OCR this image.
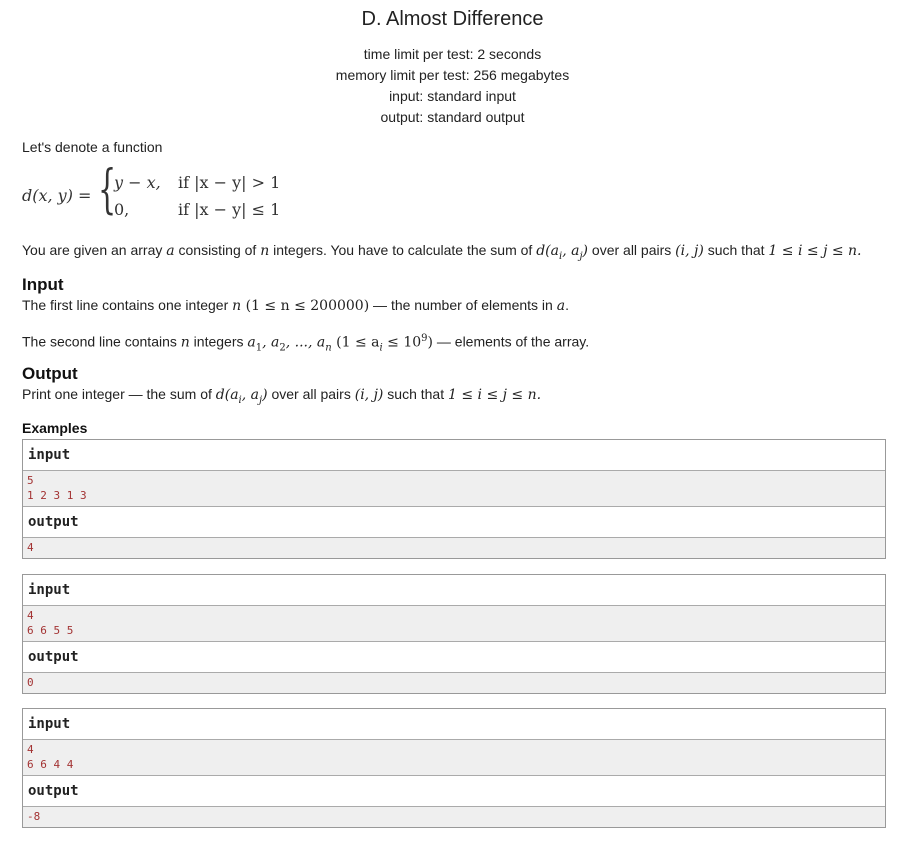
D. Almost Difference
time limit per test: 2 seconds
memory limit per test: 256 megabytes
input: standard input
output: standard output
Let's denote a function
d(x, y) = {
y − x, if |x − y| > 1
0,	if |x − y| ≤ 1
You are given an array a consisting of n integers. You have to calculate the sum of $d(a_i$, $a_j$) over all pairs (i, j) such that 1 ≤ i ≤ j ≤ n.
Input
The first line contains one integer n (1 ≤ n ≤ 200000) — the number of elements in a.
The second line contains n integers $a_1$, $a_2$, ..., $a_n$ $(1 \le a_i \le 10^9)$ — elements of the array.
Output
Print one integer — the sum of $d(a_i$, $a_j$) over all pairs (i, j) such that 1 ≤ i ≤ j ≤ n.
Examples
input
5
1 2 3 1 3
output
4
input
4
6 6 5 5
output
0
input
4
6 6 4 4
output
-8
